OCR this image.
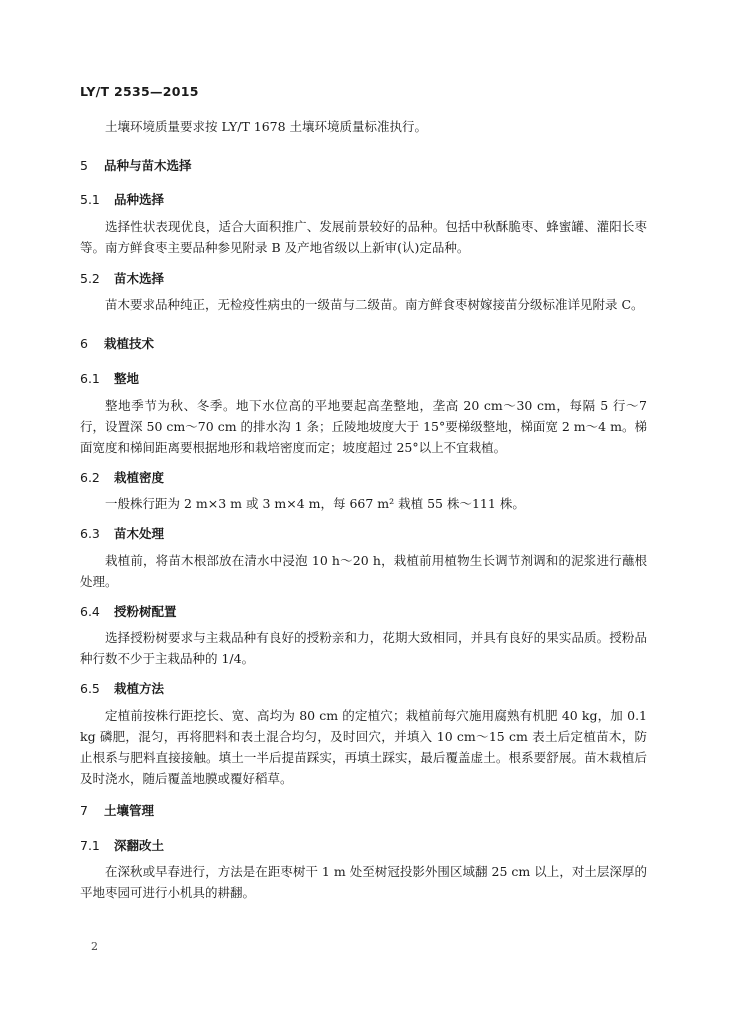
LY/T 2535—2015

土壤环境质量要求按 LY/T 1678 土壤环境质量标准执行。

5 品种与苗木选择
5.1 品种选择

选择性状表现优良，适合大面积推广、发展前景较好的品种。包括中秋酥脆枣、蜂蜜罐、灌阳长枣等。南方鲜食枣主要品种参见附录 B 及产地省级以上新审(认)定品种。

5.2 苗木选择

苗木要求品种纯正，无检疫性病虫的一级苗与二级苗。南方鲜食枣树嫁接苗分级标准详见附录 C。

6 栽植技术
6.1 整地

整地季节为秋、冬季。地下水位高的平地要起高垄整地，垄高 20 cm～30 cm，每隔 5 行～7 行，设置深 50 cm～70 cm 的排水沟 1 条；丘陵地坡度大于 15°要梯级整地，梯面宽 2 m～4 m。梯面宽度和梯间距离要根据地形和栽培密度而定；坡度超过 25°以上不宜栽植。

6.2 栽植密度

一般株行距为 2 m×3 m 或 3 m×4 m，每 667 m² 栽植 55 株～111 株。

6.3 苗木处理

栽植前，将苗木根部放在清水中浸泡 10 h～20 h，栽植前用植物生长调节剂调和的泥浆进行蘸根处理。

6.4 授粉树配置

选择授粉树要求与主栽品种有良好的授粉亲和力，花期大致相同，并具有良好的果实品质。授粉品种行数不少于主栽品种的 1/4。

6.5 栽植方法

定植前按株行距挖长、宽、高均为 80 cm 的定植穴；栽植前每穴施用腐熟有机肥 40 kg，加 0.1 kg 磷肥，混匀，再将肥料和表土混合均匀，及时回穴，并填入 10 cm～15 cm 表土后定植苗木，防止根系与肥料直接接触。填土一半后提苗踩实，再填土踩实，最后覆盖虚土。根系要舒展。苗木栽植后及时浇水，随后覆盖地膜或覆好稻草。

7 土壤管理
7.1 深翻改土

在深秋或早春进行，方法是在距枣树干 1 m 处至树冠投影外围区域翻 25 cm 以上，对土层深厚的平地枣园可进行小机具的耕翻。

2
